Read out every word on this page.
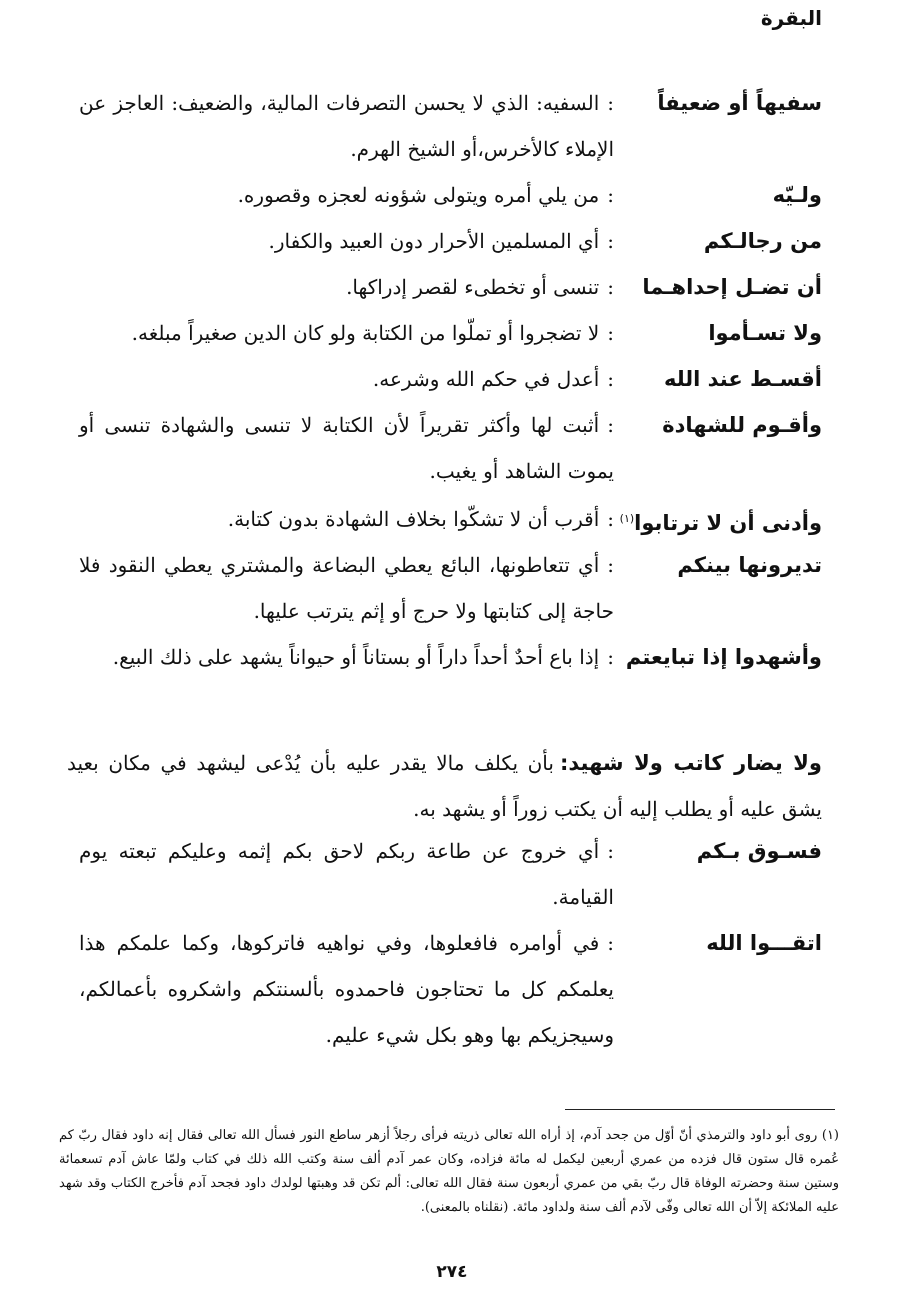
البقرة
سفيهاً أو ضعيفاً
:السفيه: الذي لا يحسن التصرفات المالية، والضعيف: العاجز عن الإملاء كالأخرس،أو الشيخ الهرم.
ولـيّه
:من يلي أمره ويتولى شؤونه لعجزه وقصوره.
من رجالـكم
:أي المسلمين الأحرار دون العبيد والكفار.
أن تضـل إحداهـما
:تنسى أو تخطىء لقصر إدراكها.
ولا تسـأموا
:لا تضجروا أو تملّوا من الكتابة ولو كان الدين صغيراً مبلغه.
أقسـط عند الله
:أعدل في حكم الله وشرعه.
وأقـوم للشهادة
:أثبت لها وأكثر تقريراً لأن الكتابة لا تنسى والشهادة تنسى أو يموت الشاهد أو يغيب.
وأدنى أن لا ترتابوا$^{(١)}$
:أقرب أن لا تشكّوا بخلاف الشهادة بدون كتابة.
تديرونها بينكم
:أي تتعاطونها، البائع يعطي البضاعة والمشتري يعطي النقود فلا حاجة إلى كتابتها ولا حرج أو إثم يترتب عليها.
وأشهدوا إذا تبايعتم
:إذا باع أحدٌ أحداً داراً أو بستاناً أو حيواناً يشهد على ذلك البيع.
ولا يضار كاتب ولا شهيد:بأن يكلف مالا يقدر عليه بأن يُدْعى ليشهد في مكان بعيد يشق عليه أو يطلب إليه أن يكتب زوراً أو يشهد به.
فسـوق بـكم
:أي خروج عن طاعة ربكم لاحق بكم إثمه وعليكم تبعته يوم القيامة.
اتقـــوا الله
:في أوامره فافعلوها، وفي نواهيه فاتركوها، وكما علمكم هذا يعلمكم كل ما تحتاجون فاحمدوه بألسنتكم واشكروه بأعمالكم، وسيجزيكم بها وهو بكل شيء عليم.
(١) روى أبو داود والترمذي أنّ أوّل من جحد آدم، إذ أراه الله تعالى ذريته فرأى رجلاً أزهر ساطع النور فسأل الله تعالى فقال إنه داود فقال ربّ كم عُمره قال ستون قال فزده من عمري أربعين ليكمل له مائة فزاده، وكان عمر آدم ألف سنة وكتب الله ذلك في كتاب ولمّا عاش آدم تسعمائة وستين سنة وحضرته الوفاة قال ربّ بقي من عمري أربعون سنة فقال الله تعالى: ألم تكن قد وهبتها لولدك داود فجحد آدم فأخرج الكتاب وقد شهد عليه الملائكة إلاّ أن الله تعالى وفّى لآدم ألف سنة ولداود مائة. (نقلناه بالمعنى).
٢٧٤
